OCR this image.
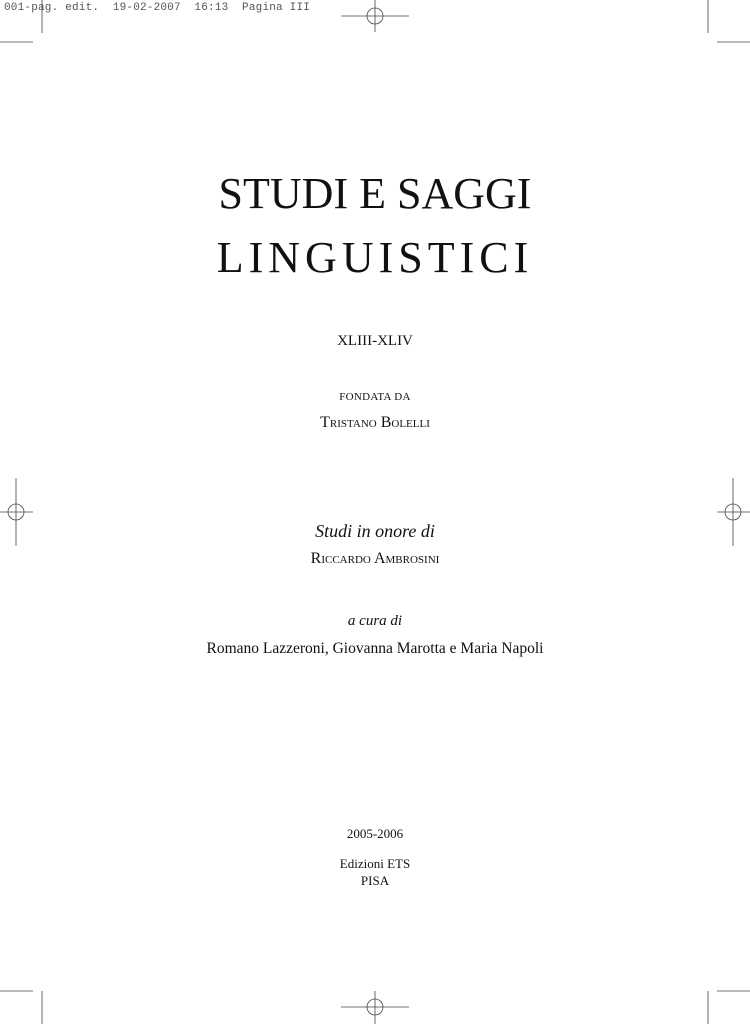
001-pag. edit.  19-02-2007  16:13  Pagina III
STUDI E SAGGI
LINGUISTICI
XLIII-XLIV
FONDATA DA
Tristano Bolelli
Studi in onore di
Riccardo Ambrosini
a cura di
Romano Lazzeroni, Giovanna Marotta e Maria Napoli
2005-2006
Edizioni ETS
PISA
